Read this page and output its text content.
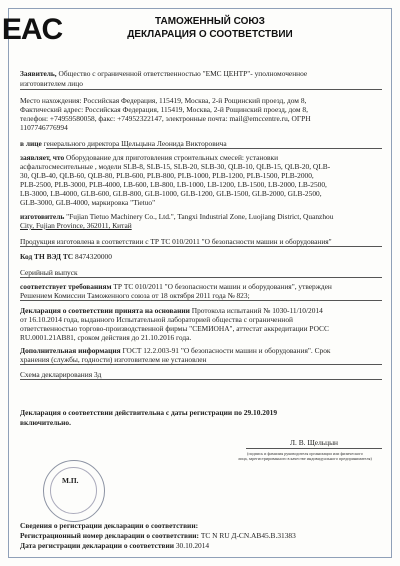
EAC	ТАМОЖЕННЫЙ СОЮЗ
ДЕКЛАРАЦИЯ О СООТВЕТСТВИИ
Заявитель, Общество с ограниченной ответственностью "ЕМС ЦЕНТР"- уполномоченное
изготовителем лицо
Место нахождения: Российская Федерация, 115419, Москва, 2-й Рощинский проезд, дом 8,
Фактический адрес: Российская Федерация, 115419, Москва, 2-й Рощинский проезд, дом 8,
телефон: +74959580058, факс: +74952322147, электронные почта: mail@emccentre.ru, ОГРН
1107746776994
в лице генерального директора Щельцына Леонида Викторовича
заявляет, что Оборудование для приготовления строительных смесей: установки
асфальтосмесительные , модели SLB-8, SLB-15, SLB-20, SLB-30, QLB-10, QLB-15, QLB-20, QLB-
30, QLB-40, QLB-60, QLB-80, PLB-600, PLB-800, PLB-1000, PLB-1200, PLB-1500, PLB-2000,
PLB-2500, PLB-3000, PLB-4000, LB-600, LB-800, LB-1000, LB-1200, LB-1500, LB-2000, LB-2500,
LB-3000, LB-4000, GLB-600, GLB-800, GLB-1000, GLB-1200, GLB-1500, GLB-2000, GLB-2500,
GLB-3000, GLB-4000, маркировка "Tietuo"
изготовитель "Fujian Tietuo Machinery Co., Ltd.", Tangxi Industrial Zone, Luojiang District, Quanzhou
City, Fujian Province, 362011, Китай
Продукция изготовлена в соответствии с ТР ТС 010/2011 "О безопасности машин и оборудования"
Код ТН ВЭД ТС 8474320000
Серийный выпуск
соответствует требованиям ТР ТС 010/2011 "О безопасности машин и оборудования", утвержден
Решением Комиссии Таможенного союза от 18 октября 2011 года № 823;
Декларация о соответствии принята на основании Протокола испытаний № 1030-11/10/2014
от 16.10.2014 года, выданного Испытательной лабораторией общества с ограниченной
ответственностью торгово-производственной фирмы "СЕМИОНА", аттестат аккредитации РОСС
RU.0001.21АВ81, сроком действия до 21.10.2016 года.
Дополнительная информация ГОСТ 12.2.003-91 "О безопасности машин и оборудования". Срок
хранения (службы, годности) изготовителем не установлен
Схема декларирования 3д
Декларация о соответствии действительна с даты регистрации по 29.10.2019
включительно.
Л. В. Щельцын
(подпись и фамилия руководителя организации или физического
лица, зарегистрированного в качестве индивидуального предпринимателя)
М.П.
Сведения о регистрации декларации о соответствии:
Регистрационный номер декларации о соответствии: ТС N RU Д-CN.АВ45.В.31383
Дата регистрации декларации о соответствии 30.10.2014
